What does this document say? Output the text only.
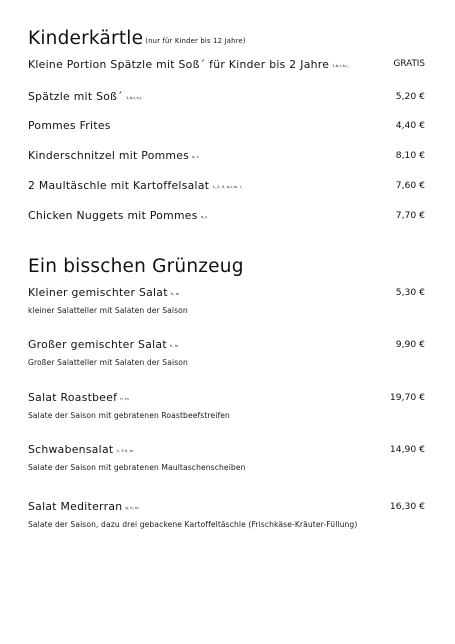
Kinderkärtle (nur für Kinder bis 12 Jahre)
Kleine Portion Spätzle mit Soß´ für Kinder bis 2 Jahre 1,b,c,h,i,	GRATIS
Spätzle mit Soß´ 1,b,c,h,i,	5,20 €
Pommes Frites	4,40 €
Kinderschnitzel mit Pommes a, c	8,10 €
2 Maultäschle mit Kartoffelsalat 1, 2, 5, a,c,m, i,	7,60 €
Chicken Nuggets mit Pommes a,,c	7,70 €
Ein bisschen Grünzeug
Kleiner gemischter Salat h, m	5,30 €
kleiner Salatteller mit Salaten der Saison
Großer gemischter Salat h, m	9,90 €
Großer Salatteller mit Salaten der Saison
Salat Roastbeef h, m	19,70 €
Salate der Saison mit gebratenen Roastbeefstreifen
Schwabensalat 2, 5 h, m	14,90 €
Salate der Saison mit gebratenen Maultaschenscheiben
Salat Mediterran g, h, m	16,30 €
Salate der Saison, dazu drei gebackene Kartoffeltäschle (Frischkäse-Kräuter-Füllung)
